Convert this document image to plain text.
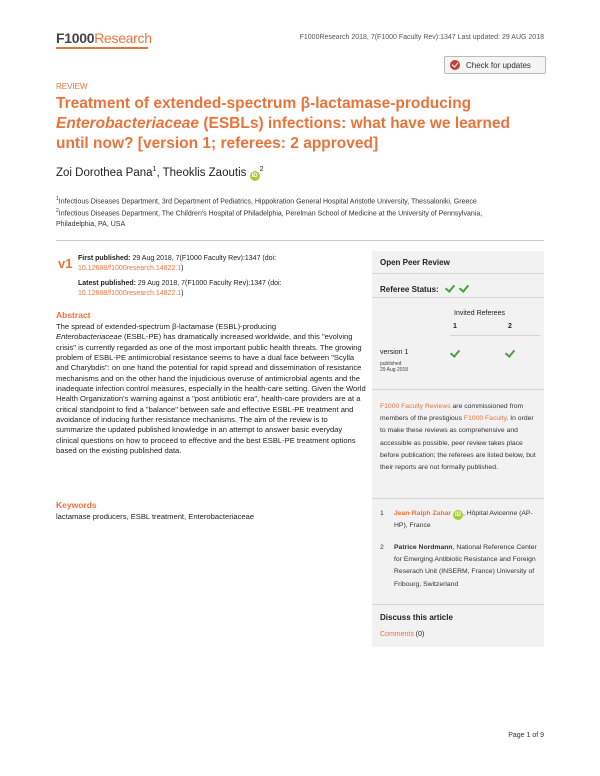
F1000Research	F1000Research 2018, 7(F1000 Faculty Rev):1347 Last updated: 29 AUG 2018
Check for updates
REVIEW
Treatment of extended-spectrum β-lactamase-producing
Enterobacteriaceae (ESBLs) infections: what have we learned
until now? [version 1; referees: 2 approved]
Zoi Dorothea Pana$^1$, Theoklis Zaoutis $iD^2$
$^1$Infectious Diseases Department, 3rd Department of Pediatrics, Hippokration General Hospital Aristotle University, Thessaloniki, Greece
$^2$Infectious Diseases Department, The Children's Hospital of Philadelphia, Perelman School of Medicine at the University of Pennsylvania,
Philadelphia, PA, USA
v1 First published: 29 Aug 2018, 7(F1000 Faculty Rev):1347 (doi:
10.12688/f1000research.14822.1)
Latest published: 29 Aug 2018, 7(F1000 Faculty Rev):1347 (doi:
10.12688/f1000research.14822.1)
Abstract
The spread of extended-spectrum β-lactamase (ESBL)-producing
Enterobacteriaceae (ESBL-PE) has dramatically increased worldwide, and this "evolving crisis" is currently regarded as one of the most important public health threats. The growing problem of ESBL-PE antimicrobial resistance seems to have a dual face between "Scylla and Charybdis": on one hand the potential for rapid spread and dissemination of resistance mechanisms and on the other hand the injudicious overuse of antimicrobial agents and the inadequate infection control measures, especially in the health-care setting. Given the World Health Organization's warning against a "post antibiotic era", health-care providers are at a critical standpoint to find a "balance" between safe and effective ESBL-PE treatment and avoidance of inducing further resistance mechanisms. The aim of the review is to summarize the updated published knowledge in an attempt to answer basic everyday clinical questions on how to proceed to effective and the best ESBL-PE treatment options based on the existing published data.
Keywords
lactamase producers, ESBL treatment, Enterobacteriaceae
Open Peer Review
Referee Status:
Invited Referees
1	2
version 1
published
29 Aug 2018
F1000 Faculty Reviews are commissioned from members of the prestigious F1000 Faculty. In order to make these reviews as comprehensive and accessible as possible, peer review takes place before publication; the referees are listed below, but their reports are not formally published.
1 Jean-Ralph Zahar iD , Hôpital Avicenne (AP-HP), France
2 Patrice Nordmann, National Reference Center for Emerging Antibiotic Resistance and Foreign Reserach Unit (INSERM, France) University of Fribourg, Switzerland
Discuss this article
Comments (0)
Page 1 of 9
